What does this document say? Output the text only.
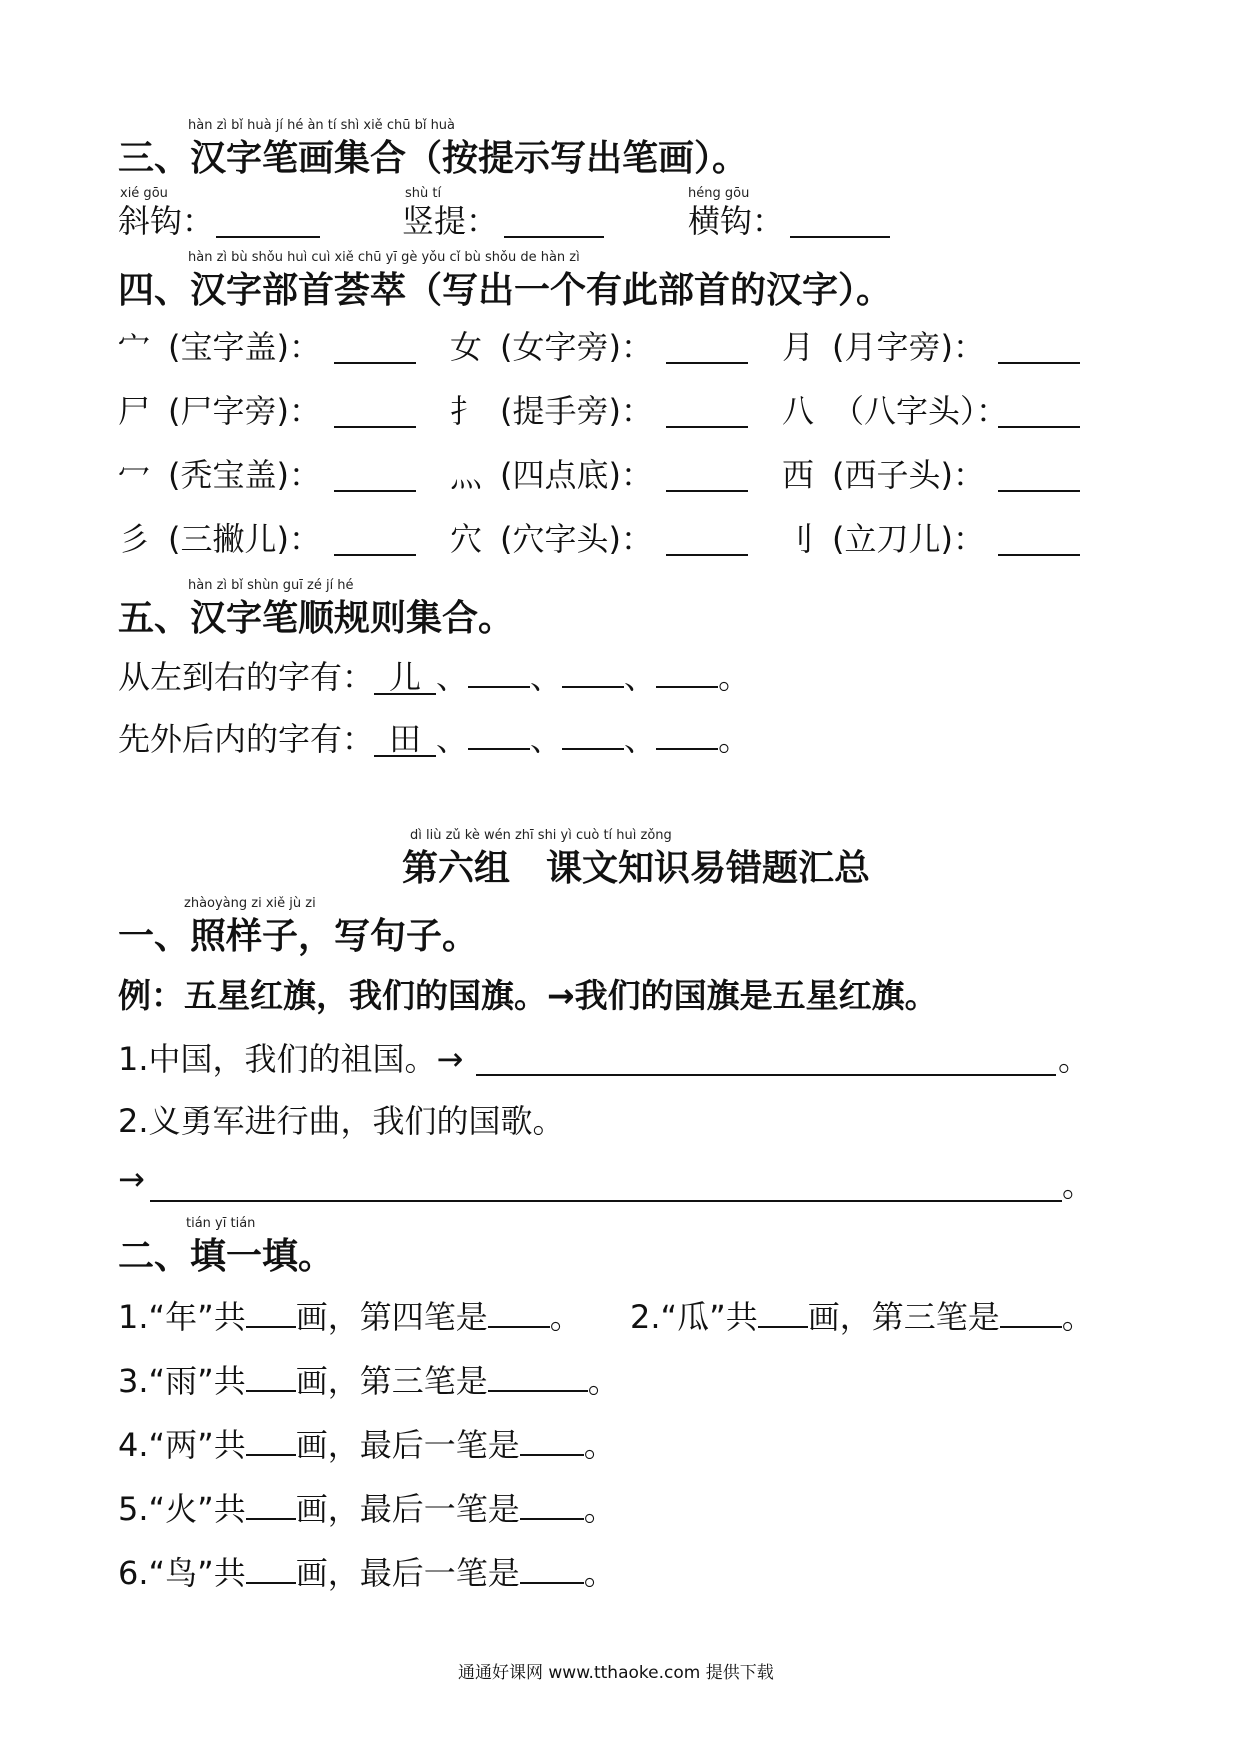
hàn zì bǐ huà jí hé àn tí shì xiě chū bǐ huà
三、汉字笔画集合（按提示写出笔画）。
xié gōu
斜钩：
shù tí
竖提：
héng gōu
横钩：
hàn zì bù shǒu huì cuì xiě chū yī gè yǒu cǐ bù shǒu de hàn zì
四、汉字部首荟萃（写出一个有此部首的汉字）。
宀 (宝字盖)：	女 (女字旁)：	月 (月字旁)：
尸 (尸字旁)：	扌 (提手旁)：	八 （八字头）：
冖 (秃宝盖)：	灬 (四点底)：	西 (西子头)：
彡 (三撇儿)：	穴 (穴字头)：	刂 (立刀儿)：
hàn zì bǐ shùn guī zé jí hé
五、汉字笔顺规则集合。
从左到右的字有： 儿 、 、 、 。
先外后内的字有： 田 、 、 、 。
dì liù zǔ kè wén zhī shi yì cuò tí huì zǒng
第六组　课文知识易错题汇总
zhàoyàng zi xiě jù zi
一、照样子，写句子。
例：五星红旗，我们的国旗。→我们的国旗是五星红旗。
1.中国，我们的祖国。→	。
2.义勇军进行曲，我们的国歌。
→	。
tián yī tián
二、填一填。
1.“年”共 画，第四笔是 。 2.“瓜”共 画，第三笔是 。
3.“雨”共 画，第三笔是	。
4.“两”共 画，最后一笔是 。
5.“火”共 画，最后一笔是 。
6.“鸟”共 画，最后一笔是 。
通通好课网 www.tthaoke.com 提供下载
